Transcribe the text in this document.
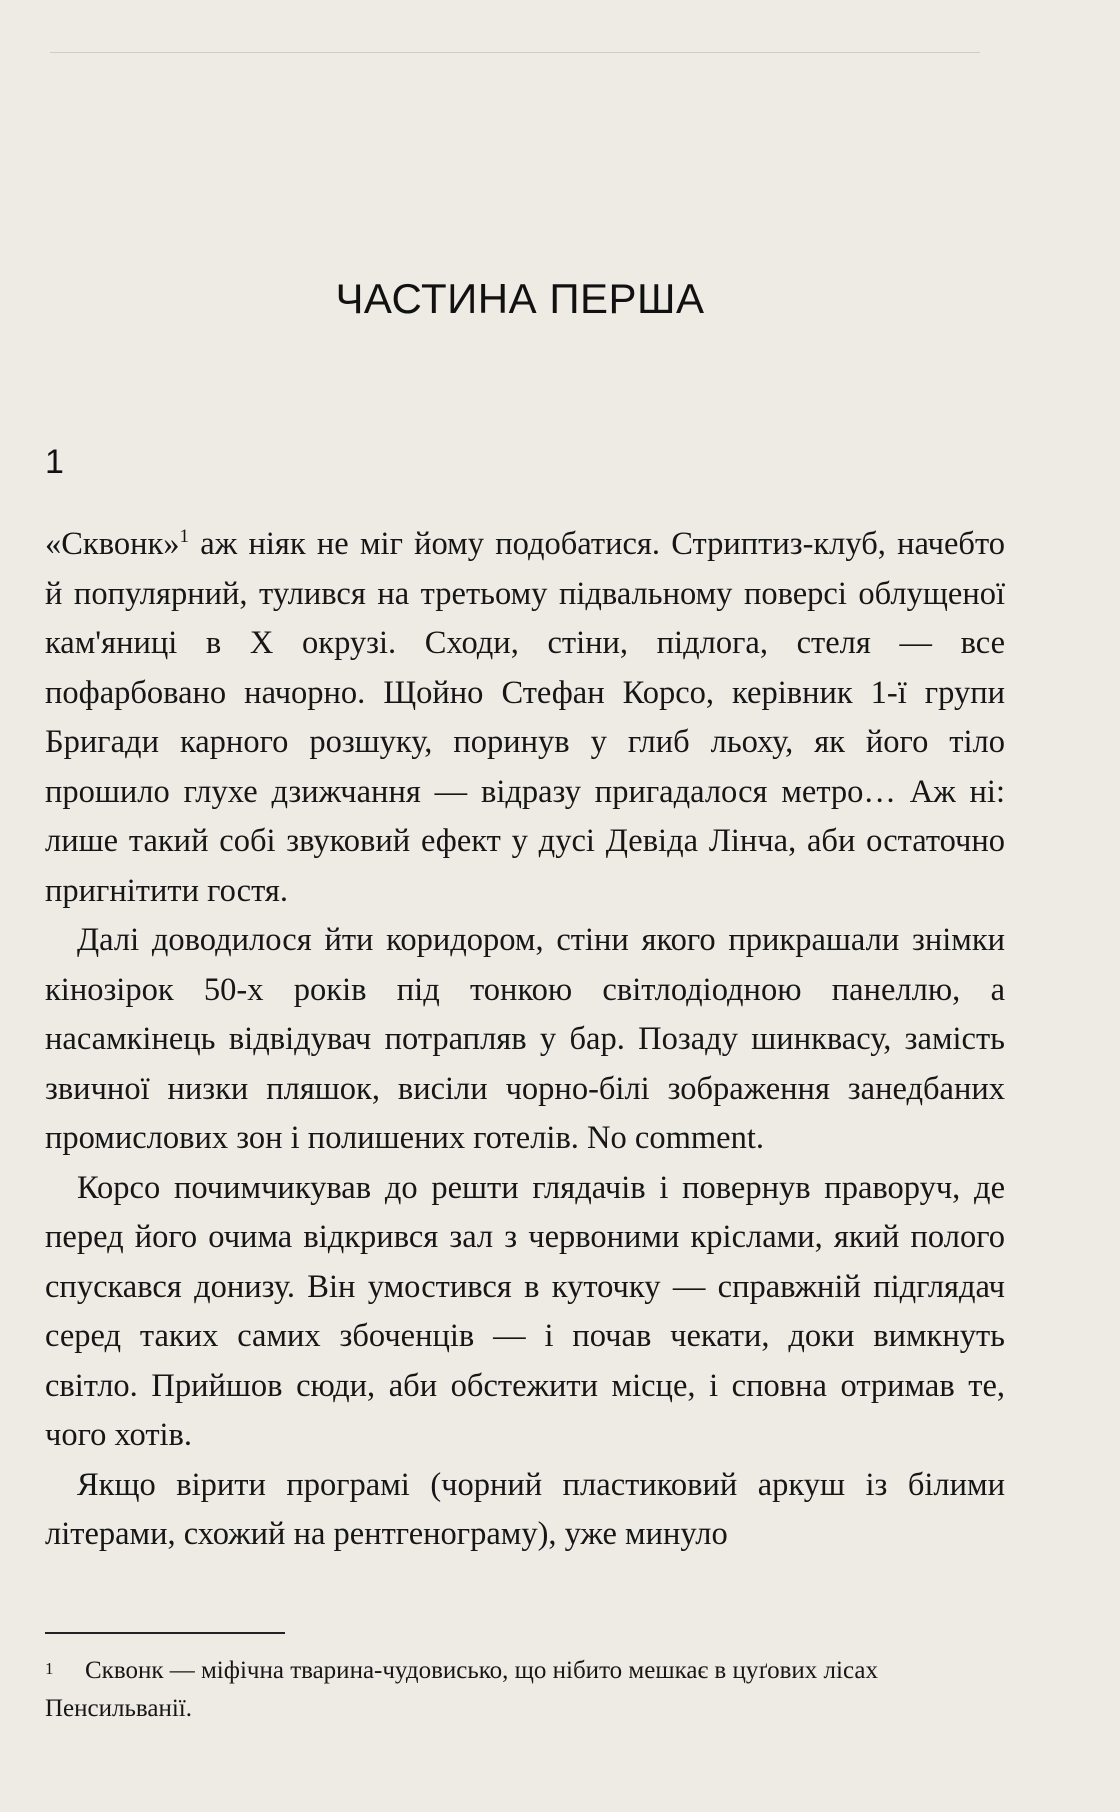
ЧАСТИНА ПЕРША
1

«Сквонк»$^1$ аж ніяк не міг йому подобатися. Стриптиз-клуб, начебто й популярний, тулився на третьому підвальному поверсі облущеної кам'яниці в X окрузі. Сходи, стіни, підлога, стеля — все пофарбовано начорно. Щойно Стефан Корсо, керівник 1-ї групи Бригади карного розшуку, поринув у глиб льоху, як його тіло прошило глухе дзижчання — відразу пригадалося метро… Аж ні: лише такий собі звуковий ефект у дусі Девіда Лінча, аби остаточно пригнітити гостя.

Далі доводилося йти коридором, стіни якого прикрашали знімки кінозірок 50-х років під тонкою світлодіодною панеллю, а насамкінець відвідувач потрапляв у бар. Позаду шинквасу, замість звичної низки пляшок, висіли чорно-білі зображення занедбаних промислових зон і полишених готелів. No comment.

Корсо почимчикував до решти глядачів і повернув праворуч, де перед його очима відкрився зал з червоними кріслами, який полого спускався донизу. Він умостився в куточку — справжній підглядач серед таких самих збоченців — і почав чекати, доки вимкнуть світло. Прийшов сюди, аби обстежити місце, і сповна отримав те, чого хотів.

Якщо вірити програмі (чорний пластиковий аркуш із білими літерами, схожий на рентгенограму), уже минуло

1	Сквонк — міфічна тварина-чудовисько, що нібито мешкає в цуґових лісах Пенсильванії.
